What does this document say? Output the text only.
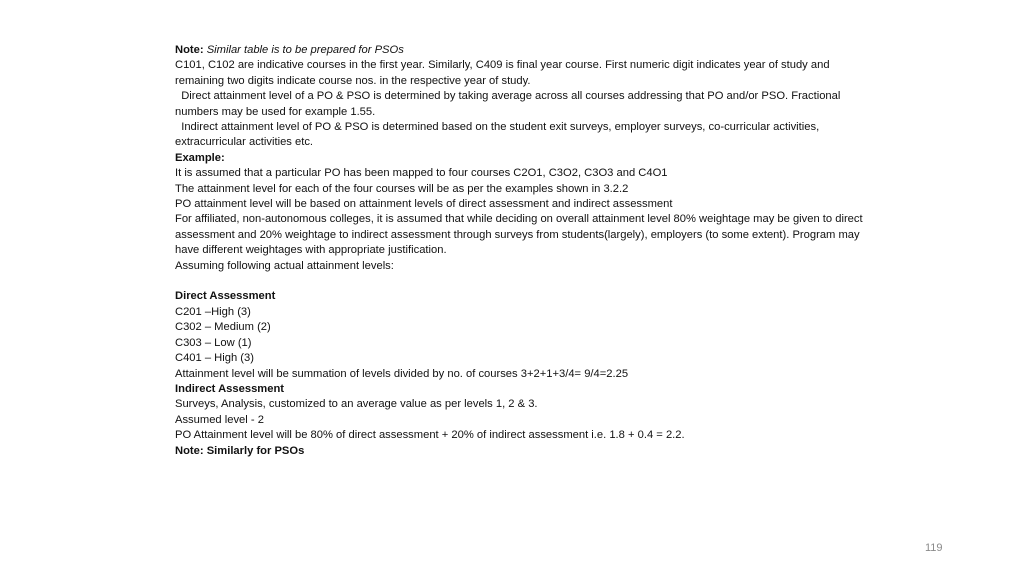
Note: Similar table is to be prepared for PSOs

C101, C102 are indicative courses in the first year. Similarly, C409 is final year course. First numeric digit indicates year of study and remaining two digits indicate course nos. in the respective year of study.

Direct attainment level of a PO & PSO is determined by taking average across all courses addressing that PO and/or PSO. Fractional numbers may be used for example 1.55.

Indirect attainment level of PO & PSO is determined based on the student exit surveys, employer surveys, co-curricular activities, extracurricular activities etc.

Example:

It is assumed that a particular PO has been mapped to four courses C2O1, C3O2, C3O3 and C4O1

The attainment level for each of the four courses will be as per the examples shown in 3.2.2

PO attainment level will be based on attainment levels of direct assessment and indirect assessment

For affiliated, non-autonomous colleges, it is assumed that while deciding on overall attainment level 80% weightage may be given to direct assessment and 20% weightage to indirect assessment through surveys from students(largely), employers (to some extent). Program may have different weightages with appropriate justification.

Assuming following actual attainment levels:

Direct Assessment

C201 –High (3)

C302 – Medium (2)

C303 – Low (1)

C401 – High (3)

Attainment level will be summation of levels divided by no. of courses 3+2+1+3/4= 9/4=2.25

Indirect Assessment

Surveys, Analysis, customized to an average value as per levels 1, 2 & 3.

Assumed level - 2

PO Attainment level will be 80% of direct assessment + 20% of indirect assessment i.e. 1.8 + 0.4 = 2.2.

Note: Similarly for PSOs

119
